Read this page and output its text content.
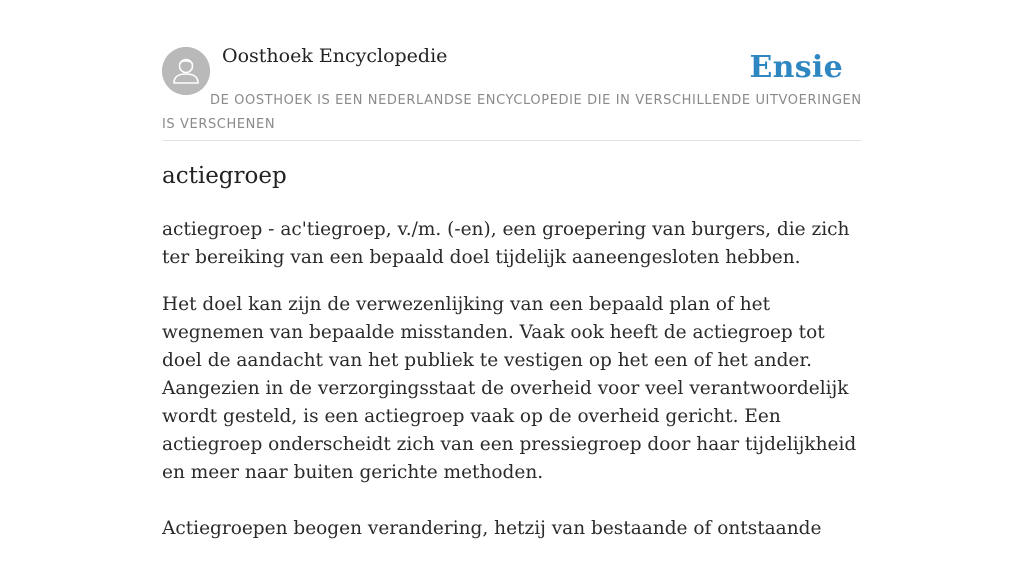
Oosthoek Encyclopedie	Ensie
DE OOSTHOEK IS EEN NEDERLANDSE ENCYCLOPEDIE DIE IN VERSCHILLENDE UITVOERINGEN IS VERSCHENEN
actiegroep

actiegroep - ac'tiegroep, v./m. (-en), een groepering van burgers, die zich ter bereiking van een bepaald doel tijdelijk aaneengesloten hebben.

Het doel kan zijn de verwezenlijking van een bepaald plan of het wegnemen van bepaalde misstanden. Vaak ook heeft de actiegroep tot doel de aandacht van het publiek te vestigen op het een of het ander. Aangezien in de verzorgingsstaat de overheid voor veel verantwoordelijk wordt gesteld, is een actiegroep vaak op de overheid gericht. Een actiegroep onderscheidt zich van een pressiegroep door haar tijdelijkheid en meer naar buiten gerichte methoden.

Actiegroepen beogen verandering, hetzij van bestaande of ontstaande
